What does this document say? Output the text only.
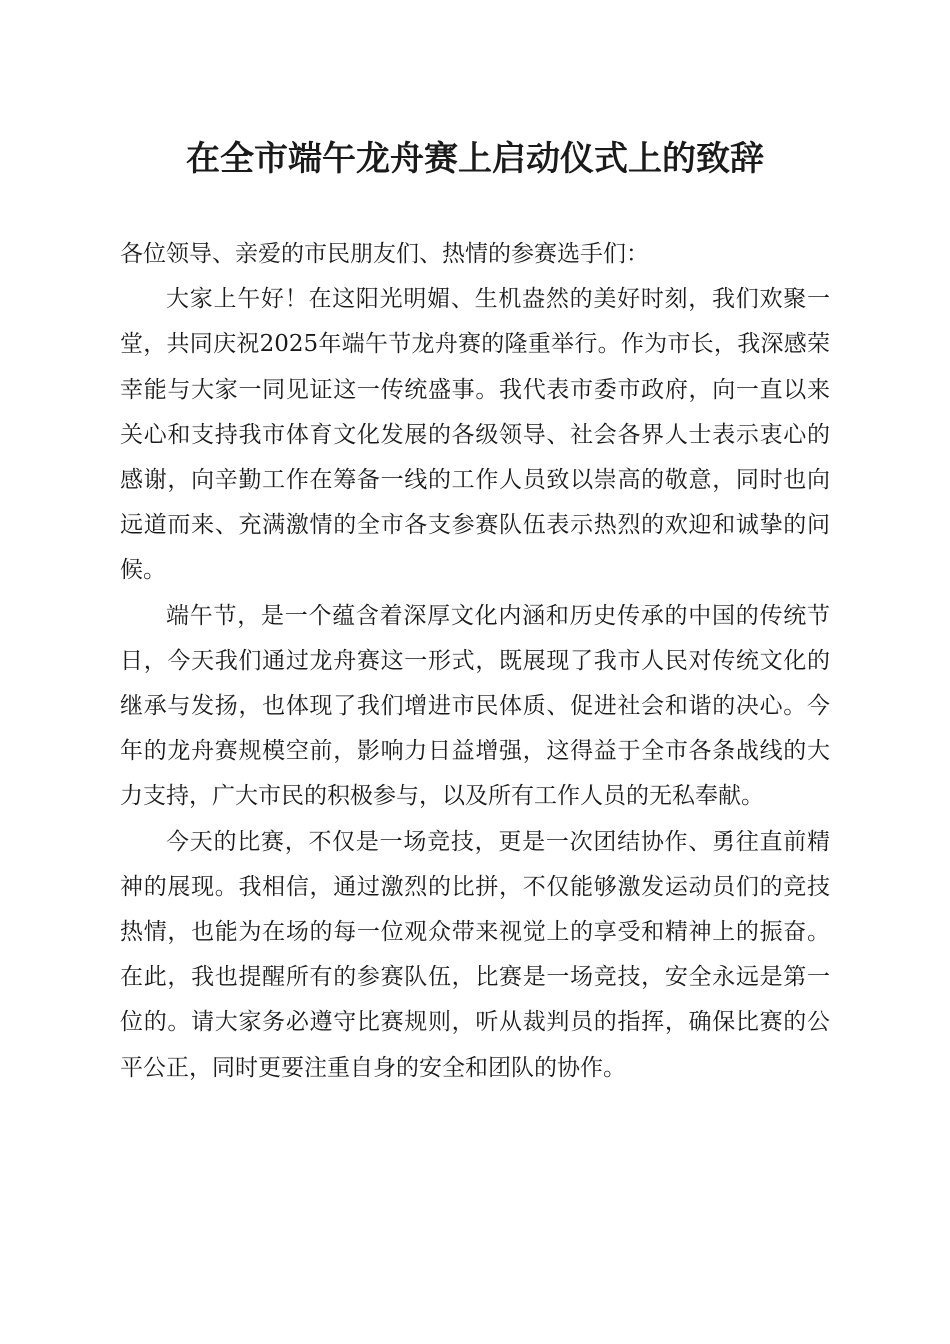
在全市端午龙舟赛上启动仪式上的致辞

各位领导、亲爱的市民朋友们、热情的参赛选手们：

大家上午好！在这阳光明媚、生机盎然的美好时刻，我们欢聚一堂，共同庆祝2025年端午节龙舟赛的隆重举行。作为市长，我深感荣幸能与大家一同见证这一传统盛事。我代表市委市政府，向一直以来关心和支持我市体育文化发展的各级领导、社会各界人士表示衷心的感谢，向辛勤工作在筹备一线的工作人员致以崇高的敬意，同时也向远道而来、充满激情的全市各支参赛队伍表示热烈的欢迎和诚挚的问候。

端午节，是一个蕴含着深厚文化内涵和历史传承的中国的传统节日，今天我们通过龙舟赛这一形式，既展现了我市人民对传统文化的继承与发扬，也体现了我们增进市民体质、促进社会和谐的决心。今年的龙舟赛规模空前，影响力日益增强，这得益于全市各条战线的大力支持，广大市民的积极参与，以及所有工作人员的无私奉献。

今天的比赛，不仅是一场竞技，更是一次团结协作、勇往直前精神的展现。我相信，通过激烈的比拼，不仅能够激发运动员们的竞技热情，也能为在场的每一位观众带来视觉上的享受和精神上的振奋。在此，我也提醒所有的参赛队伍，比赛是一场竞技，安全永远是第一位的。请大家务必遵守比赛规则，听从裁判员的指挥，确保比赛的公平公正，同时更要注重自身的安全和团队的协作。
